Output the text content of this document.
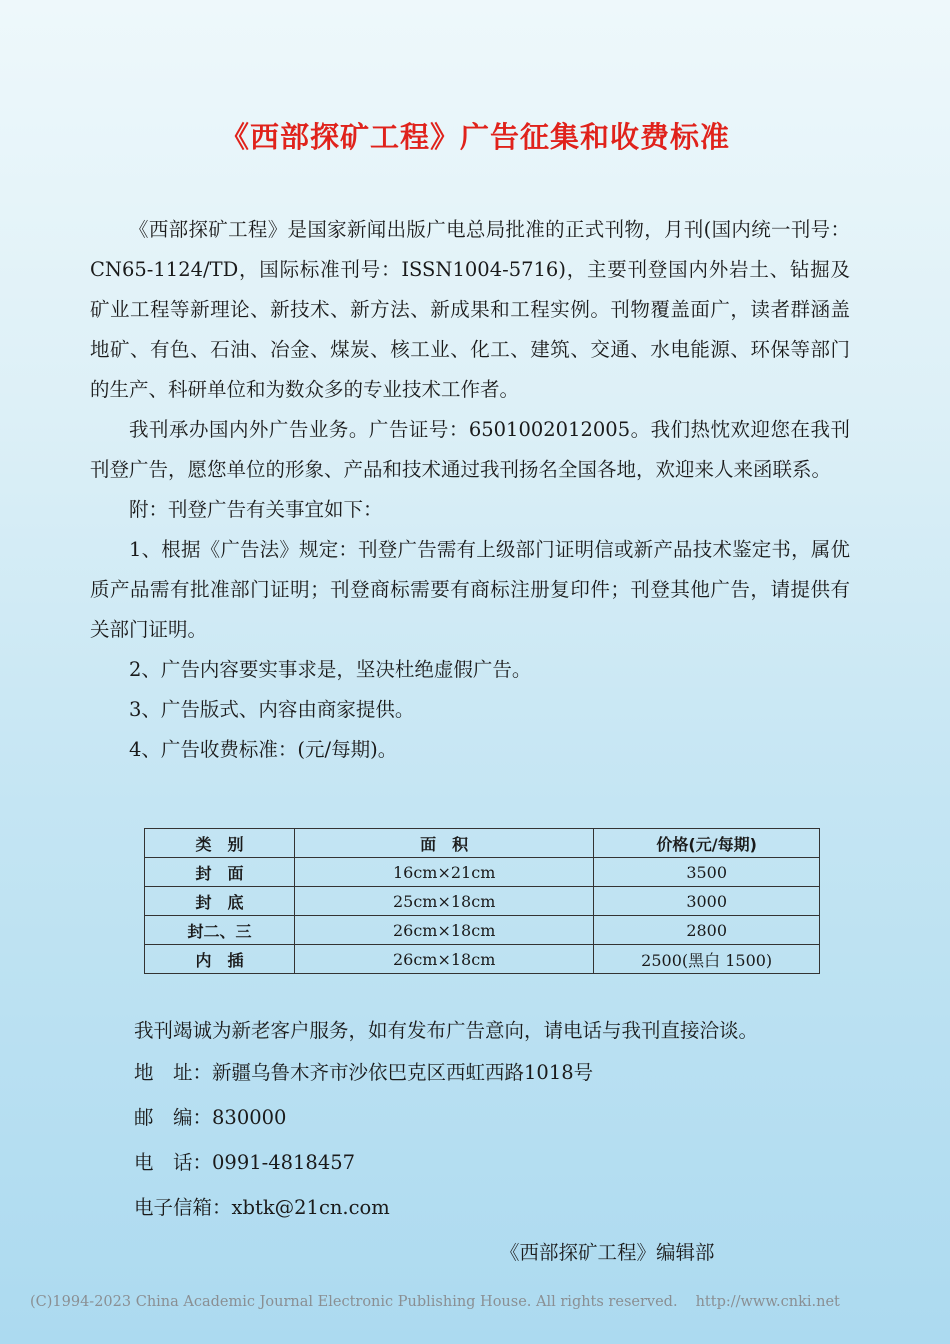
《西部探矿工程》广告征集和收费标准

《西部探矿工程》是国家新闻出版广电总局批准的正式刊物，月刊(国内统一刊号：CN65-1124/TD，国际标准刊号：ISSN1004-5716)，主要刊登国内外岩土、钻掘及矿业工程等新理论、新技术、新方法、新成果和工程实例。刊物覆盖面广，读者群涵盖地矿、有色、石油、冶金、煤炭、核工业、化工、建筑、交通、水电能源、环保等部门的生产、科研单位和为数众多的专业技术工作者。

我刊承办国内外广告业务。广告证号：6501002012005。我们热忱欢迎您在我刊刊登广告，愿您单位的形象、产品和技术通过我刊扬名全国各地，欢迎来人来函联系。

附：刊登广告有关事宜如下：

1、根据《广告法》规定：刊登广告需有上级部门证明信或新产品技术鉴定书，属优质产品需有批准部门证明；刊登商标需要有商标注册复印件；刊登其他广告，请提供有关部门证明。

2、广告内容要实事求是，坚决杜绝虚假广告。

3、广告版式、内容由商家提供。

4、广告收费标准：(元/每期)。

类　别	面　积	价格(元/每期)
封　面	16cm×21cm	3500
封　底	25cm×18cm	3000
封二、三	26cm×18cm	2800
内　插	26cm×18cm	2500(黑白 1500)
我刊竭诚为新老客户服务，如有发布广告意向，请电话与我刊直接洽谈。
地　址：新疆乌鲁木齐市沙依巴克区西虹西路1018号
邮　编：830000
电　话：0991-4818457
电子信箱：xbtk@21cn.com
《西部探矿工程》编辑部
(C)1994-2023 China Academic Journal Electronic Publishing House. All rights reserved. http://www.cnki.net
